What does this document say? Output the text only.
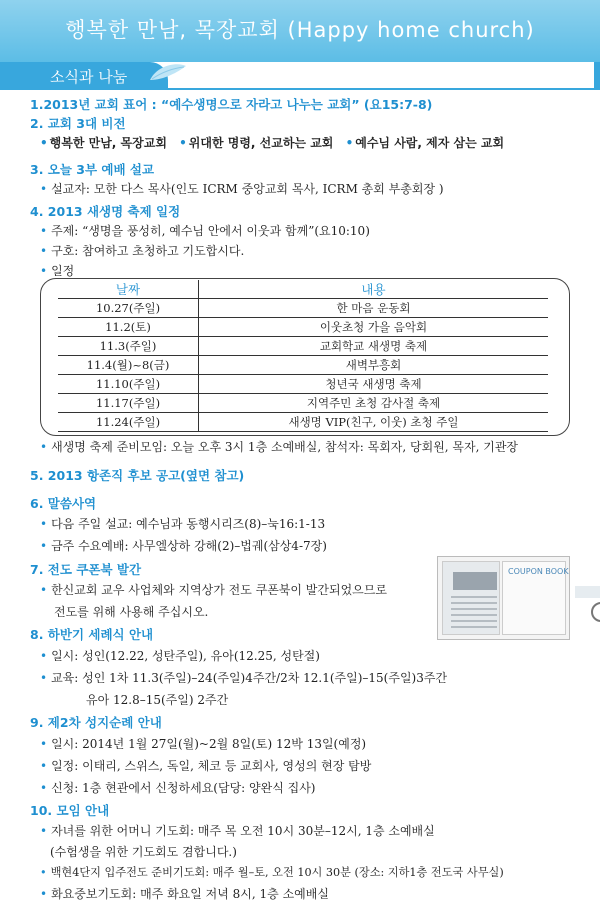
행복한 만남, 목장교회 (Happy home church)
소식과 나눔
1.2013년 교회 표어 : “예수생명으로 자라고 나누는 교회” (요15:7-8)
2. 교회 3대 비전
• 행복한 만남, 목장교회 • 위대한 명령, 선교하는 교회 • 예수님 사람, 제자 삼는 교회
3. 오늘 3부 예배 설교
• 설교자: 모한 다스 목사(인도 ICRM 중앙교회 목사, ICRM 총회 부총회장 )
4. 2013 새생명 축제 일정
• 주제: “생명을 풍성히, 예수님 안에서 이웃과 함께”(요10:10)
• 구호: 참여하고 초청하고 기도합시다.
• 일정
날짜	내용
10.27(주일)	한 마음 운동회
11.2(토)	이웃초청 가을 음악회
11.3(주일)	교회학교 새생명 축제
11.4(월)~8(금)	새벽부흥회
11.10(주일)	청년국 새생명 축제
11.17(주일)	지역주민 초청 감사절 축제
11.24(주일)	새생명 VIP(친구, 이웃) 초청 주일
• 새생명 축제 준비모임: 오늘 오후 3시 1층 소예배실, 참석자: 목회자, 당회원, 목자, 기관장
5. 2013 항존직 후보 공고(옆면 참고)
6. 말씀사역
• 다음 주일 설교: 예수님과 동행시리즈(8)–눅16:1-13
• 금주 수요예배: 사무엘상하 강해(2)–법궤(삼상4-7장)
7. 전도 쿠폰북 발간
• 한신교회 교우 사업체와 지역상가 전도 쿠폰북이 발간되었으므로
전도를 위해 사용해 주십시오.
COUPON BOOK
8. 하반기 세례식 안내
• 일시: 성인(12.22, 성탄주일), 유아(12.25, 성탄절)
• 교육: 성인 1차 11.3(주일)–24(주일)4주간/2차 12.1(주일)–15(주일)3주간
유아 12.8–15(주일) 2주간
9. 제2차 성지순례 안내
• 일시: 2014년 1월 27일(월)~2월 8일(토) 12박 13일(예정)
• 일정: 이태리, 스위스, 독일, 체코 등 교회사, 영성의 현장 탐방
• 신청: 1층 현관에서 신청하세요(담당: 양완식 집사)
10. 모임 안내
• 자녀를 위한 어머니 기도회: 매주 목 오전 10시 30분–12시, 1층 소예배실
(수험생을 위한 기도회도 겸합니다.)
• 백현4단지 입주전도 준비기도회: 매주 월–토, 오전 10시 30분 (장소: 지하1층 전도국 사무실)
• 화요중보기도회: 매주 화요일 저녁 8시, 1층 소예배실
